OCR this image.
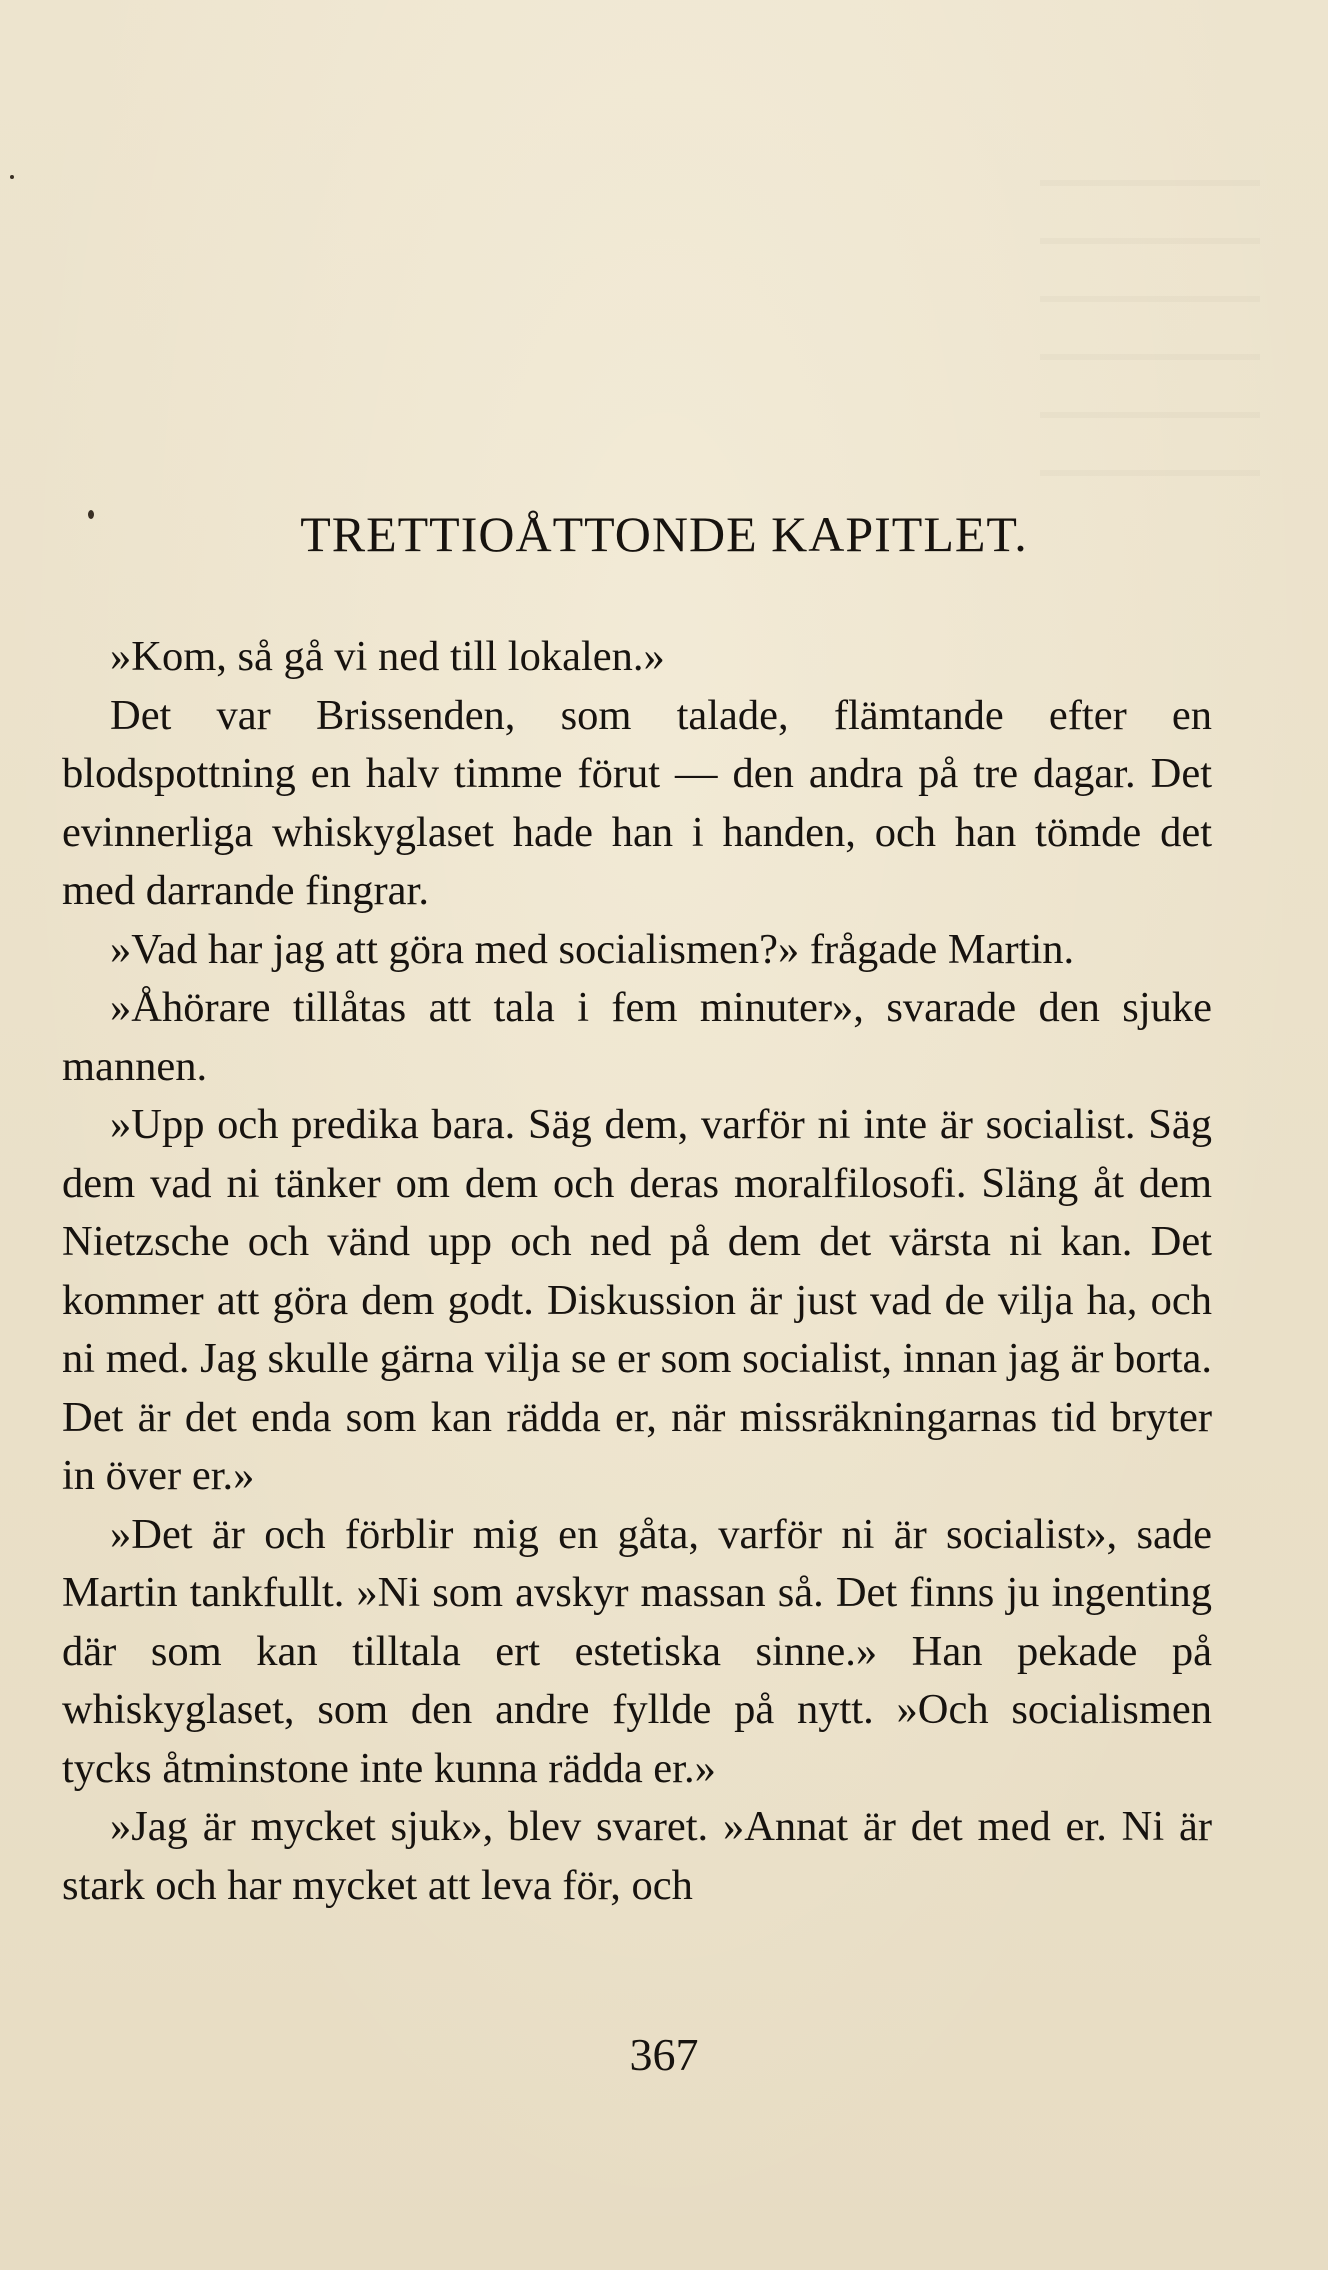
TRETTIOÅTTONDE KAPITLET.

»Kom, så gå vi ned till lokalen.»

Det var Brissenden, som talade, flämtande efter en blodspottning en halv timme förut — den andra på tre dagar. Det evinnerliga whiskyglaset hade han i handen, och han tömde det med darrande fingrar.

»Vad har jag att göra med socialismen?» frågade Martin.

»Åhörare tillåtas att tala i fem minuter», svarade den sjuke mannen.

»Upp och predika bara. Säg dem, varför ni inte är socialist. Säg dem vad ni tänker om dem och deras moralfilosofi. Släng åt dem Nietzsche och vänd upp och ned på dem det värsta ni kan. Det kommer att göra dem godt. Diskussion är just vad de vilja ha, och ni med. Jag skulle gärna vilja se er som socialist, innan jag är borta. Det är det enda som kan rädda er, när missräkningarnas tid bryter in över er.»

»Det är och förblir mig en gåta, varför ni är socialist», sade Martin tankfullt. »Ni som avskyr massan så. Det finns ju ingenting där som kan tilltala ert estetiska sinne.» Han pekade på whiskyglaset, som den andre fyllde på nytt. »Och socialismen tycks åtminstone inte kunna rädda er.»

»Jag är mycket sjuk», blev svaret. »Annat är det med er. Ni är stark och har mycket att leva för, och

367
